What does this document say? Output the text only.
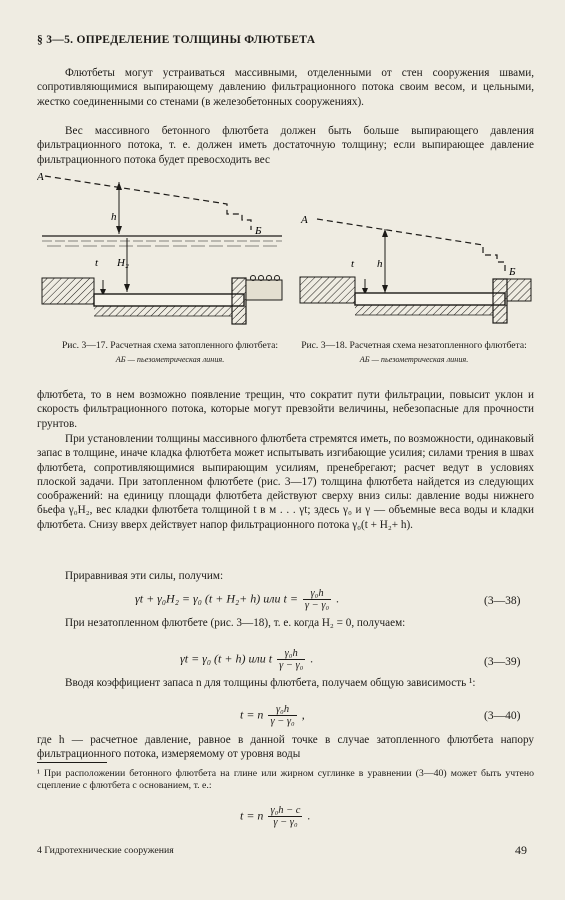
§ 3—5. ОПРЕДЕЛЕНИЕ ТОЛЩИНЫ ФЛЮТБЕТА

Флютбеты могут устраиваться массивными, отделенными от стен сооружения швами, сопротивляющимися выпирающему давлению фильтрационного потока своим весом, и цельными, жестко соединенными со стенами (в железобетонных сооружениях).

Вес массивного бетонного флютбета должен быть больше выпирающего давления фильтрационного потока, т. е. должен иметь достаточную толщину; если выпирающее давление фильтрационного потока будет превосходить вес

А
h
Б
t H₂
Рис. 3—17. Расчетная схема затопленного флютбета:
АБ — пьезометрическая линия.
А
h
t
Б
Рис. 3—18. Расчетная схема незатопленного флютбета:
АБ — пьезометрическая линия.

флютбета, то в нем возможно появление трещин, что сократит пути фильтрации, повысит уклон и скорость фильтрационного потока, которые могут превзойти величины, небезопасные для прочности грунтов.

При установлении толщины массивного флютбета стремятся иметь, по возможности, одинаковый запас в толщине, иначе кладка флютбета может испытывать изгибающие усилия; силами трения в швах флютбета, сопротивляющимися выпирающим усилиям, пренебрегают; расчет ведут в условиях плоской задачи. При затопленном флютбете (рис. 3—17) толщина флютбета найдется из следующих соображений: на единицу площади флютбета действуют сверху вниз силы: давление воды нижнего бьефа γ₀H₂, вес кладки флютбета толщиной t в м . . . γt; здесь γ₀ и γ — объемные веса воды и кладки флютбета. Снизу вверх действует напор фильтрационного потока γ₀(t + H₂+ h).

Приравнивая эти силы, получим:

γt + γ₀H₂ = γ₀ (t + H₂+ h) или $t = \frac{\text{γ₀h}}{\text{γ − γ₀}}$ .	(3—38)

При незатопленном флютбете (рис. 3—18), т. е. когда H₂ = 0, получаем:

γt = γ₀ (t + h) или t $\frac{\text{γ₀h}}{\text{γ − γ₀}}$ .	(3—39)

Вводя коэффициент запаса n для толщины флютбета, получаем общую зависимость ¹:

t = n $\frac{\text{γ₀h}}{\text{γ − γ₀}}$ ,	(3—40)

где h — расчетное давление, равное в данной точке в случае затопленного флютбета напору фильтрационного потока, измеряемому от уровня воды

¹ При расположении бетонного флютбета на глине или жирном суглинке в уравнении (3—40) может быть учтено сцепление c флютбета с основанием, т. е.:

t = n $\frac{\text{γ₀h − c}}{\text{γ − γ₀}}$ .
4 Гидротехнические сооружения	49
